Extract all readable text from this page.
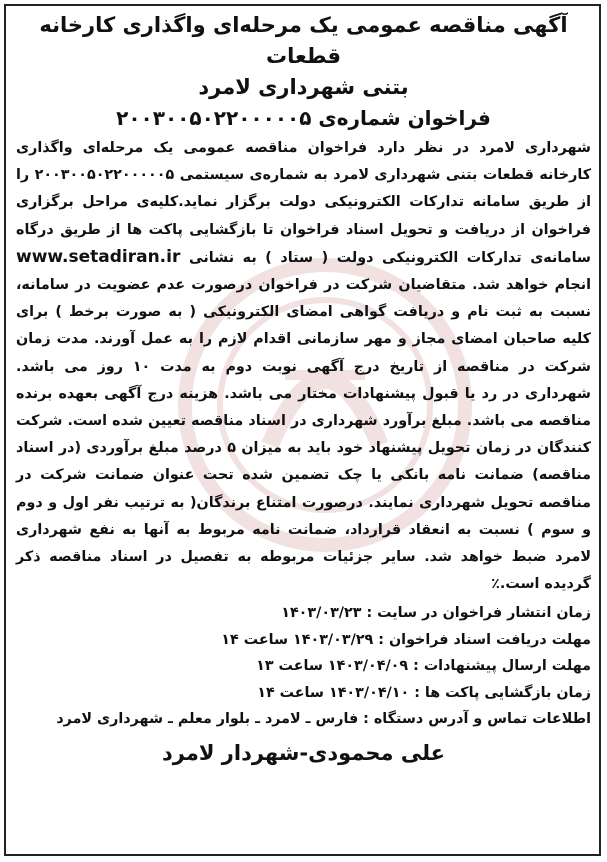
آگهی مناقصه عمومی یک مرحله‌ای واگذاری کارخانه قطعات

بتنی شهرداری لامرد

فراخوان شماره‌ی ۲۰۰۳۰۰۵۰۲۲۰۰۰۰۰۵

شهرداری لامرد در نظر دارد فراخوان مناقصه عمومی یک مرحله‌ای واگذاری کارخانه قطعات بتنی شهرداری لامرد به شماره‌ی سیستمی ۲۰۰۳۰۰۵۰۲۲۰۰۰۰۰۵ را از طریق سامانه تدارکات الکترونیکی دولت برگزار نماید.کلیه‌ی مراحل برگزاری فراخوان از دریافت و تحویل اسناد فراخوان تا بازگشایی پاکت ها از طریق درگاه سامانه‌ی تدارکات الکترونیکی دولت ( ستاد ) به نشانی www.setadiran.ir انجام خواهد شد. متقاضیان شرکت در فراخوان درصورت عدم عضویت در سامانه، نسبت به ثبت نام و دریافت گواهی امضای الکترونیکی ( به صورت برخط ) برای کلیه صاحبان امضای مجاز و مهر سازمانی اقدام لازم را به عمل آورند. مدت زمان شرکت در مناقصه از تاریخ درج آگهی نوبت دوم به مدت ۱۰ روز می باشد. شهرداری در رد یا قبول پیشنهادات مختار می باشد. هزینه درج آگهی بعهده برنده مناقصه می باشد. مبلغ برآورد شهرداری در اسناد مناقصه تعیین شده است. شرکت کنندگان در زمان تحویل پیشنهاد خود باید به میزان ۵ درصد مبلغ برآوردی (در اسناد مناقصه) ضمانت نامه بانکی یا چک تضمین شده تحت عنوان ضمانت شرکت در مناقصه تحویل شهرداری نمایند. درصورت امتناع برندگان( به ترتیب نفر اول و دوم و سوم ) نسبت به انعقاد قرارداد، ضمانت نامه مربوط به آنها به نفع شهرداری لامرد ضبط خواهد شد. سایر جزئیات مربوطه به تفصیل در اسناد مناقصه ذکر گردیده است.٪

زمان انتشار فراخوان در سایت : ۱۴۰۳/۰۳/۲۳
مهلت دریافت اسناد فراخوان : ۱۴۰۳/۰۳/۲۹ ساعت ۱۴
مهلت ارسال پیشنهادات : ۱۴۰۳/۰۴/۰۹ ساعت ۱۳
زمان بازگشایی پاکت ها : ۱۴۰۳/۰۴/۱۰ ساعت ۱۴
اطلاعات تماس و آدرس دستگاه : فارس ـ لامرد ـ بلوار معلم ـ شهرداری لامرد
علی محمودی-شهردار لامرد
